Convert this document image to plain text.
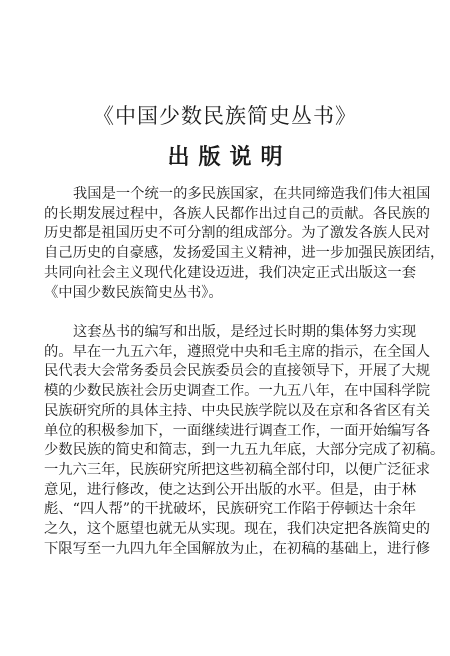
《中国少数民族简史丛书》
出版说明
我国是一个统一的多民族国家，在共同缔造我们伟大祖国
的长期发展过程中，各族人民都作出过自己的贡献。各民族的
历史都是祖国历史不可分割的组成部分。为了激发各族人民对
自己历史的自豪感，发扬爱国主义精神，进一步加强民族团结，
共同向社会主义现代化建设迈进，我们决定正式出版这一套
《中国少数民族简史丛书》。
这套丛书的编写和出版，是经过长时期的集体努力实现
的。早在一九五六年，遵照党中央和毛主席的指示，在全国人
民代表大会常务委员会民族委员会的直接领导下，开展了大规
模的少数民族社会历史调查工作。一九五八年，在中国科学院
民族研究所的具体主持、中央民族学院以及在京和各省区有关
单位的积极参加下，一面继续进行调查工作，一面开始编写各
少数民族的简史和简志，到一九五九年底，大部分完成了初稿。
一九六三年，民族研究所把这些初稿全部付印，以便广泛征求
意见，进行修改，使之达到公开出版的水平。但是，由于林
彪、“四人帮”的干扰破坏，民族研究工作陷于停顿达十余年
之久，这个愿望也就无从实现。现在，我们决定把各族简史的
下限写至一九四九年全国解放为止，在初稿的基础上，进行修
